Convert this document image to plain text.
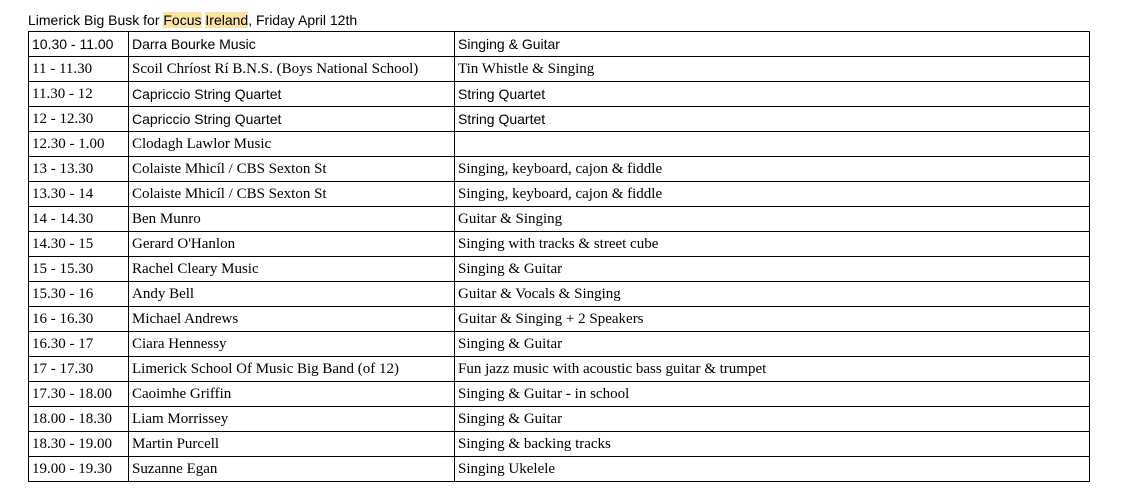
Limerick Big Busk for Focus Ireland, Friday April 12th
10.30 - 11.00	Darra Bourke Music	Singing & Guitar
11 - 11.30	Scoil Chríost Rí B.N.S. (Boys National School)	Tin Whistle & Singing
11.30 - 12	Capriccio String Quartet	String Quartet
12 - 12.30	Capriccio String Quartet	String Quartet
12.30 - 1.00	Clodagh Lawlor Music	
13 - 13.30	Colaiste Mhicíl / CBS Sexton St	Singing, keyboard, cajon & fiddle
13.30 - 14	Colaiste Mhicíl / CBS Sexton St	Singing, keyboard, cajon & fiddle
14 - 14.30	Ben Munro	Guitar & Singing
14.30 - 15	Gerard O'Hanlon	Singing with tracks & street cube
15 - 15.30	Rachel Cleary Music	Singing & Guitar
15.30 - 16	Andy Bell	Guitar & Vocals & Singing
16 - 16.30	Michael Andrews	Guitar & Singing + 2 Speakers
16.30 - 17	Ciara Hennessy	Singing & Guitar
17 - 17.30	Limerick School Of Music Big Band (of 12)	Fun jazz music with acoustic bass guitar & trumpet
17.30 - 18.00	Caoimhe Griffin	Singing & Guitar - in school
18.00 - 18.30	Liam Morrissey	Singing & Guitar
18.30 - 19.00	Martin Purcell	Singing & backing tracks
19.00 - 19.30	Suzanne Egan	Singing Ukelele
